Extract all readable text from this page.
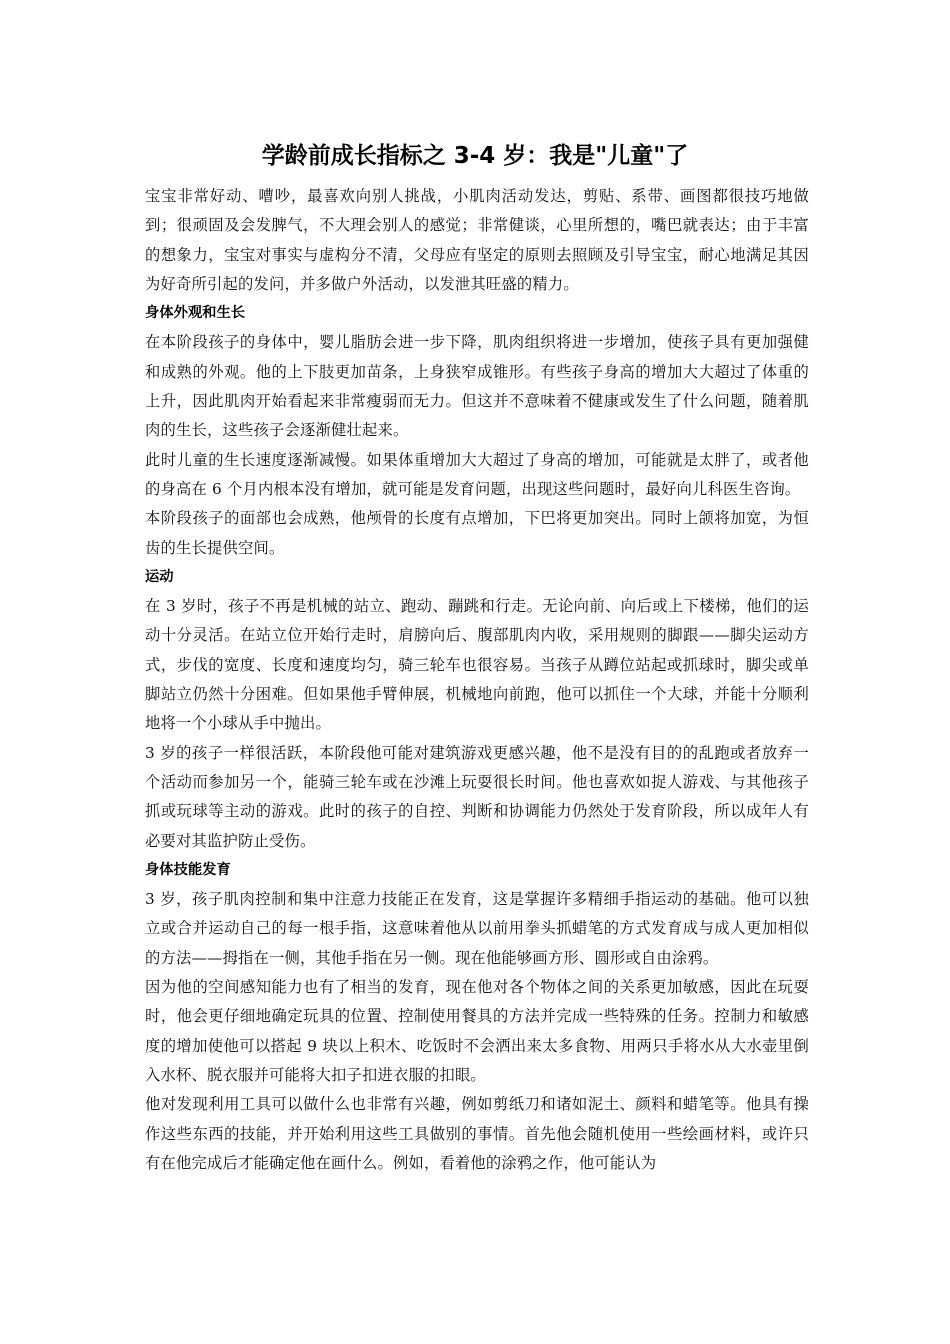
学龄前成长指标之 3-4 岁：我是"儿童"了

宝宝非常好动、嘈吵，最喜欢向别人挑战，小肌肉活动发达，剪贴、系带、画图都很技巧地做到；很顽固及会发脾气，不大理会别人的感觉；非常健谈，心里所想的，嘴巴就表达；由于丰富的想象力，宝宝对事实与虚构分不清，父母应有坚定的原则去照顾及引导宝宝，耐心地满足其因为好奇所引起的发问，并多做户外活动，以发泄其旺盛的精力。

身体外观和生长

在本阶段孩子的身体中，婴儿脂肪会进一步下降，肌肉组织将进一步增加，使孩子具有更加强健和成熟的外观。他的上下肢更加苗条，上身狭窄成锥形。有些孩子身高的增加大大超过了体重的上升，因此肌肉开始看起来非常瘦弱而无力。但这并不意味着不健康或发生了什么问题，随着肌肉的生长，这些孩子会逐渐健壮起来。

此时儿童的生长速度逐渐减慢。如果体重增加大大超过了身高的增加，可能就是太胖了，或者他的身高在 6 个月内根本没有增加，就可能是发育问题，出现这些问题时，最好向儿科医生咨询。

本阶段孩子的面部也会成熟，他颅骨的长度有点增加，下巴将更加突出。同时上颌将加宽，为恒齿的生长提供空间。

运动

在 3 岁时，孩子不再是机械的站立、跑动、蹦跳和行走。无论向前、向后或上下楼梯，他们的运动十分灵活。在站立位开始行走时，肩膀向后、腹部肌肉内收，采用规则的脚跟——脚尖运动方式，步伐的宽度、长度和速度均匀，骑三轮车也很容易。当孩子从蹲位站起或抓球时，脚尖或单脚站立仍然十分困难。但如果他手臂伸展，机械地向前跑，他可以抓住一个大球，并能十分顺利地将一个小球从手中抛出。

3 岁的孩子一样很活跃，本阶段他可能对建筑游戏更感兴趣，他不是没有目的的乱跑或者放弃一个活动而参加另一个，能骑三轮车或在沙滩上玩耍很长时间。他也喜欢如捉人游戏、与其他孩子抓或玩球等主动的游戏。此时的孩子的自控、判断和协调能力仍然处于发育阶段，所以成年人有必要对其监护防止受伤。

身体技能发育

3 岁，孩子肌肉控制和集中注意力技能正在发育，这是掌握许多精细手指运动的基础。他可以独立或合并运动自己的每一根手指，这意味着他从以前用拳头抓蜡笔的方式发育成与成人更加相似的方法——拇指在一侧，其他手指在另一侧。现在他能够画方形、圆形或自由涂鸦。

因为他的空间感知能力也有了相当的发育，现在他对各个物体之间的关系更加敏感，因此在玩耍时，他会更仔细地确定玩具的位置、控制使用餐具的方法并完成一些特殊的任务。控制力和敏感度的增加使他可以搭起 9 块以上积木、吃饭时不会洒出来太多食物、用两只手将水从大水壶里倒入水杯、脱衣服并可能将大扣子扣进衣服的扣眼。

他对发现利用工具可以做什么也非常有兴趣，例如剪纸刀和诸如泥土、颜料和蜡笔等。他具有操作这些东西的技能，并开始利用这些工具做别的事情。首先他会随机使用一些绘画材料，或许只有在他完成后才能确定他在画什么。例如，看着他的涂鸦之作，他可能认为
